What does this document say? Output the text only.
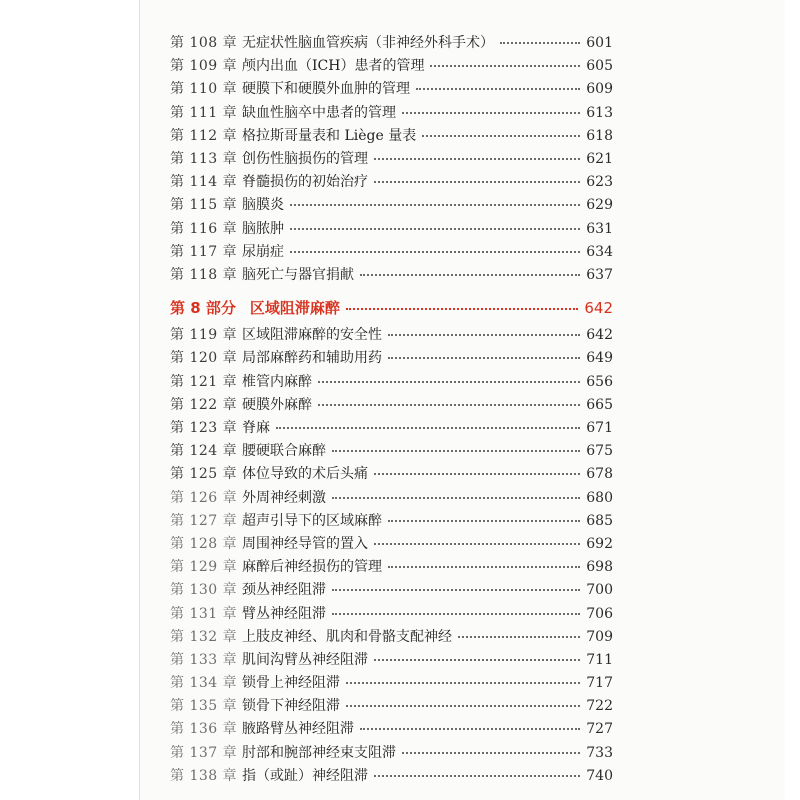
第 108 章 无症状性脑血管疾病（非神经外科手术）	601
第 109 章 颅内出血（ICH）患者的管理	605
第 110 章 硬膜下和硬膜外血肿的管理	609
第 111 章 缺血性脑卒中患者的管理	613
第 112 章 格拉斯哥量表和 Liège 量表	618
第 113 章 创伤性脑损伤的管理	621
第 114 章 脊髓损伤的初始治疗	623
第 115 章 脑膜炎	629
第 116 章 脑脓肿	631
第 117 章 尿崩症	634
第 118 章 脑死亡与器官捐献	637
第 8 部分 区域阻滞麻醉	642
第 119 章 区域阻滞麻醉的安全性	642
第 120 章 局部麻醉药和辅助用药	649
第 121 章 椎管内麻醉	656
第 122 章 硬膜外麻醉	665
第 123 章 脊麻	671
第 124 章 腰硬联合麻醉	675
第 125 章 体位导致的术后头痛	678
第 126 章 外周神经刺激	680
第 127 章 超声引导下的区域麻醉	685
第 128 章 周围神经导管的置入	692
第 129 章 麻醉后神经损伤的管理	698
第 130 章 颈丛神经阻滞	700
第 131 章 臂丛神经阻滞	706
第 132 章 上肢皮神经、肌肉和骨骼支配神经	709
第 133 章 肌间沟臂丛神经阻滞	711
第 134 章 锁骨上神经阻滞	717
第 135 章 锁骨下神经阻滞	722
第 136 章 腋路臂丛神经阻滞	727
第 137 章 肘部和腕部神经束支阻滞	733
第 138 章 指（或趾）神经阻滞	740
